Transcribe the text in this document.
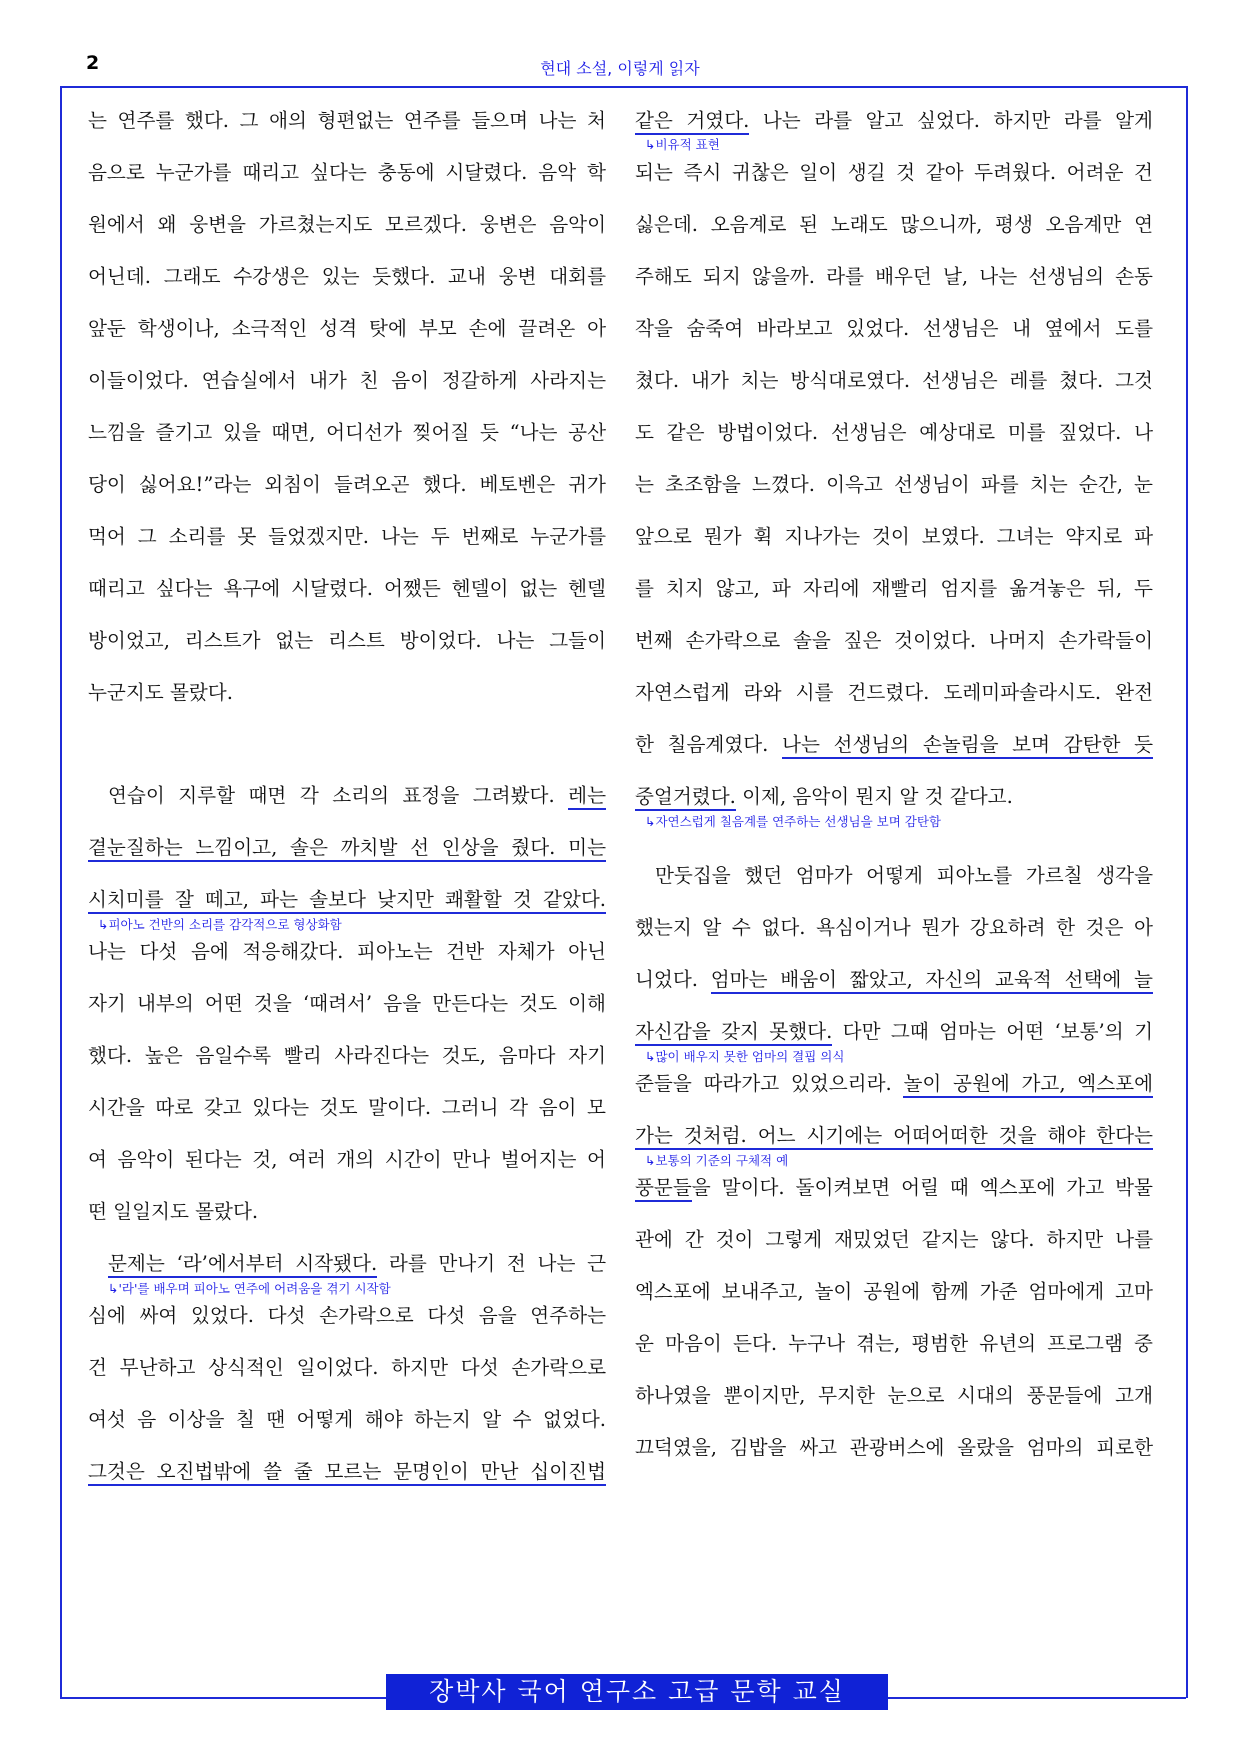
2	현대 소설, 이렇게 읽자
는 연주를 했다. 그 애의 형편없는 연주를 들으며 나는 처
음으로 누군가를 때리고 싶다는 충동에 시달렸다. 음악 학
원에서 왜 웅변을 가르쳤는지도 모르겠다. 웅변은 음악이
어닌데. 그래도 수강생은 있는 듯했다. 교내 웅변 대회를
앞둔 학생이나, 소극적인 성격 탓에 부모 손에 끌려온 아
이들이었다. 연습실에서 내가 친 음이 정갈하게 사라지는
느낌을 즐기고 있을 때면, 어디선가 찢어질 듯 “나는 공산
당이 싫어요!”라는 외침이 들려오곤 했다. 베토벤은 귀가
먹어 그 소리를 못 들었겠지만. 나는 두 번째로 누군가를
때리고 싶다는 욕구에 시달렸다. 어쨌든 헨델이 없는 헨델
방이었고, 리스트가 없는 리스트 방이었다. 나는 그들이
누군지도 몰랐다.
연습이 지루할 때면 각 소리의 표정을 그려봤다. 레는
곁눈질하는 느낌이고, 솔은 까치발 선 인상을 줬다. 미는
시치미를 잘 떼고, 파는 솔보다 낮지만 쾌활할 것 같았다.
↳피아노 건반의 소리를 감각적으로 형상화함
나는 다섯 음에 적응해갔다. 피아노는 건반 자체가 아닌
자기 내부의 어떤 것을 ‘때려서’ 음을 만든다는 것도 이해
했다. 높은 음일수록 빨리 사라진다는 것도, 음마다 자기
시간을 따로 갖고 있다는 것도 말이다. 그러니 각 음이 모
여 음악이 된다는 것, 여러 개의 시간이 만나 벌어지는 어
떤 일일지도 몰랐다.
문제는 ‘라’에서부터 시작됐다. 라를 만나기 전 나는 근
↳'라'를 배우며 피아노 연주에 어려움을 겪기 시작함
심에 싸여 있었다. 다섯 손가락으로 다섯 음을 연주하는
건 무난하고 상식적인 일이었다. 하지만 다섯 손가락으로
여섯 음 이상을 칠 땐 어떻게 해야 하는지 알 수 없었다.
그것은 오진법밖에 쓸 줄 모르는 문명인이 만난 십이진법
같은 거였다. 나는 라를 알고 싶었다. 하지만 라를 알게
↳비유적 표현
되는 즉시 귀찮은 일이 생길 것 같아 두려웠다. 어려운 건
싫은데. 오음계로 된 노래도 많으니까, 평생 오음계만 연
주해도 되지 않을까. 라를 배우던 날, 나는 선생님의 손동
작을 숨죽여 바라보고 있었다. 선생님은 내 옆에서 도를
쳤다. 내가 치는 방식대로였다. 선생님은 레를 쳤다. 그것
도 같은 방법이었다. 선생님은 예상대로 미를 짚었다. 나
는 초조함을 느꼈다. 이윽고 선생님이 파를 치는 순간, 눈
앞으로 뭔가 휙 지나가는 것이 보였다. 그녀는 약지로 파
를 치지 않고, 파 자리에 재빨리 엄지를 옮겨놓은 뒤, 두
번째 손가락으로 솔을 짚은 것이었다. 나머지 손가락들이
자연스럽게 라와 시를 건드렸다. 도레미파솔라시도. 완전
한 칠음계였다. 나는 선생님의 손놀림을 보며 감탄한 듯
중얼거렸다. 이제, 음악이 뭔지 알 것 같다고.
↳자연스럽게 칠음계를 연주하는 선생님을 보며 감탄함
만둣집을 했던 엄마가 어떻게 피아노를 가르칠 생각을
했는지 알 수 없다. 욕심이거나 뭔가 강요하려 한 것은 아
니었다. 엄마는 배움이 짧았고, 자신의 교육적 선택에 늘
자신감을 갖지 못했다. 다만 그때 엄마는 어떤 ‘보통’의 기
↳많이 배우지 못한 엄마의 결핍 의식
준들을 따라가고 있었으리라. 놀이 공원에 가고, 엑스포에
가는 것처럼. 어느 시기에는 어떠어떠한 것을 해야 한다는
↳보통의 기준의 구체적 예
풍문들을 말이다. 돌이켜보면 어릴 때 엑스포에 가고 박물
관에 간 것이 그렇게 재밌었던 같지는 않다. 하지만 나를
엑스포에 보내주고, 놀이 공원에 함께 가준 엄마에게 고마
운 마음이 든다. 누구나 겪는, 평범한 유년의 프로그램 중
하나였을 뿐이지만, 무지한 눈으로 시대의 풍문들에 고개
끄덕였을, 김밥을 싸고 관광버스에 올랐을 엄마의 피로한
장박사 국어 연구소 고급 문학 교실
